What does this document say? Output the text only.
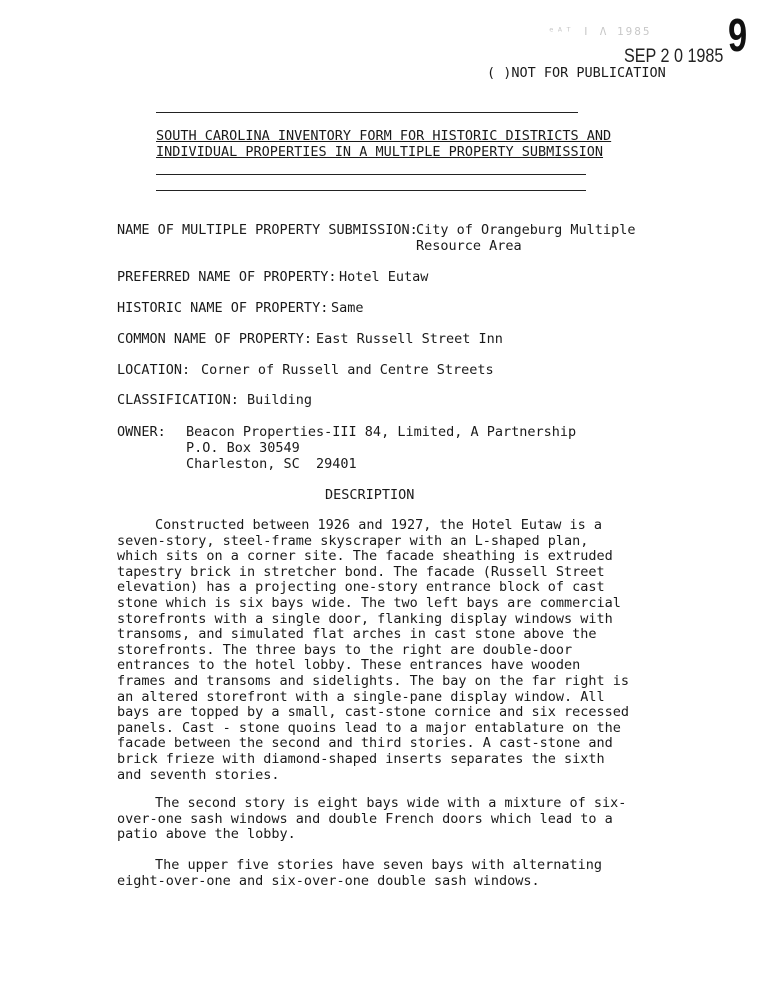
ᵉᴬᵀ ǀ Λ 1985
SEP 2 0 1985 9
( )NOT FOR PUBLICATION
SOUTH CAROLINA INVENTORY FORM FOR HISTORIC DISTRICTS AND
INDIVIDUAL PROPERTIES IN A MULTIPLE PROPERTY SUBMISSION
NAME OF MULTIPLE PROPERTY SUBMISSION:
City of Orangeburg Multiple
Resource Area
PREFERRED NAME OF PROPERTY: Hotel Eutaw
HISTORIC NAME OF PROPERTY: Same
COMMON NAME OF PROPERTY: East Russell Street Inn
LOCATION: Corner of Russell and Centre Streets
CLASSIFICATION: Building
OWNER: Beacon Properties-III 84, Limited, A Partnership
P.O. Box 30549
Charleston, SC  29401
DESCRIPTION

Constructed between 1926 and 1927, the Hotel Eutaw is a seven-story, steel-frame skyscraper with an L-shaped plan, which sits on a corner site. The facade sheathing is extruded tapestry brick in stretcher bond. The facade (Russell Street elevation) has a projecting one-story entrance block of cast stone which is six bays wide. The two left bays are commercial storefronts with a single door, flanking display windows with transoms, and simulated flat arches in cast stone above the storefronts. The three bays to the right are double-door entrances to the hotel lobby. These entrances have wooden frames and transoms and sidelights. The bay on the far right is an altered storefront with a single-pane display window. All bays are topped by a small, cast-stone cornice and six recessed panels. Cast - stone quoins lead to a major entablature on the facade between the second and third stories. A cast-stone and brick frieze with diamond-shaped inserts separates the sixth and seventh stories.

The second story is eight bays wide with a mixture of six-over-one sash windows and double French doors which lead to a patio above the lobby.

The upper five stories have seven bays with alternating eight-over-one and six-over-one double sash windows.
